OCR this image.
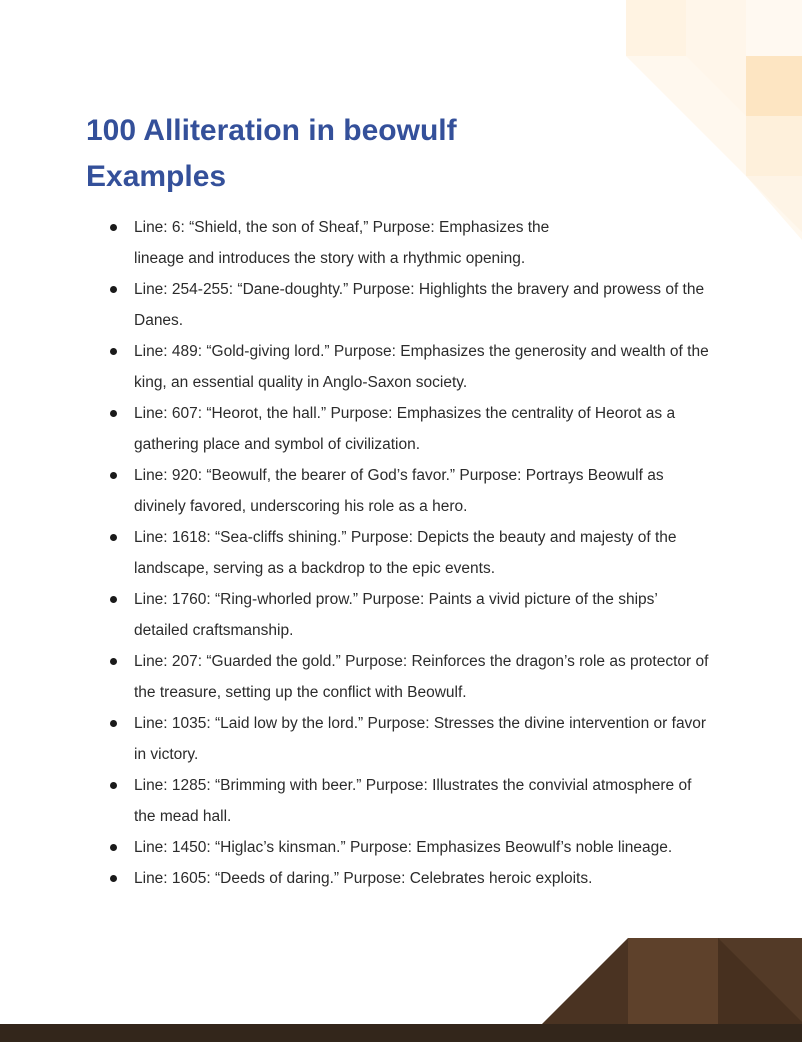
100 Alliteration in beowulf
Examples
Line: 6: “Shield, the son of Sheaf,” Purpose: Emphasizes the
lineage and introduces the story with a rhythmic opening.
Line: 254-255: “Dane-doughty.” Purpose: Highlights the bravery and prowess of the Danes.
Line: 489: “Gold-giving lord.” Purpose: Emphasizes the generosity and wealth of the king, an essential quality in Anglo-Saxon society.
Line: 607: “Heorot, the hall.” Purpose: Emphasizes the centrality of Heorot as a gathering place and symbol of civilization.
Line: 920: “Beowulf, the bearer of God’s favor.” Purpose: Portrays Beowulf as divinely favored, underscoring his role as a hero.
Line: 1618: “Sea-cliffs shining.” Purpose: Depicts the beauty and majesty of the landscape, serving as a backdrop to the epic events.
Line: 1760: “Ring-whorled prow.” Purpose: Paints a vivid picture of the ships’ detailed craftsmanship.
Line: 207: “Guarded the gold.” Purpose: Reinforces the dragon’s role as protector of the treasure, setting up the conflict with Beowulf.
Line: 1035: “Laid low by the lord.” Purpose: Stresses the divine intervention or favor in victory.
Line: 1285: “Brimming with beer.” Purpose: Illustrates the convivial atmosphere of the mead hall.
Line: 1450: “Higlac’s kinsman.” Purpose: Emphasizes Beowulf’s noble lineage.
Line: 1605: “Deeds of daring.” Purpose: Celebrates heroic exploits.
